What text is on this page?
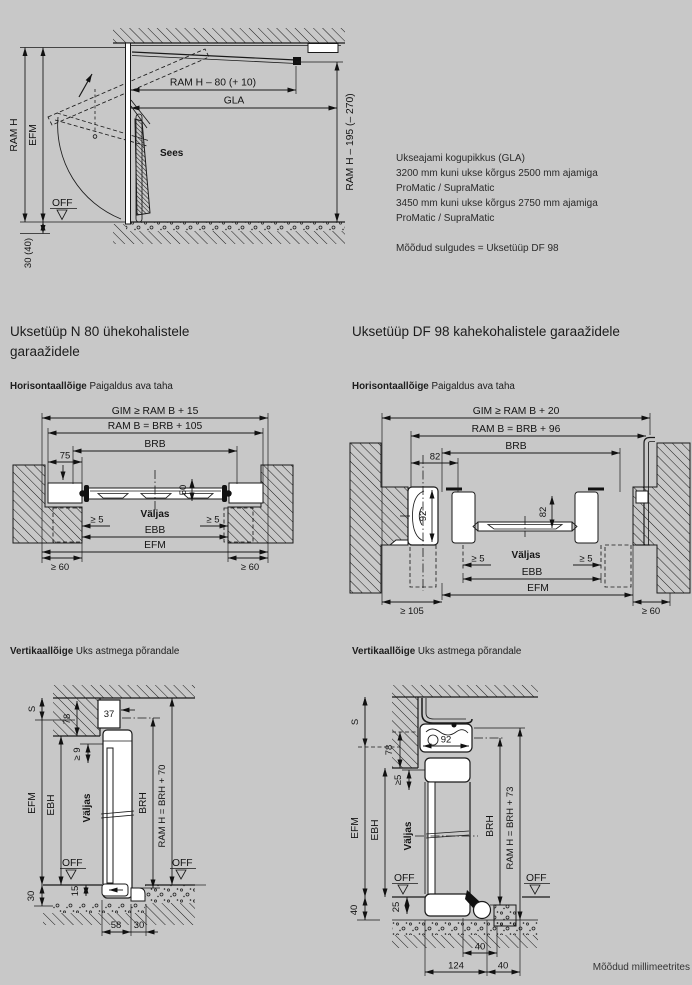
RAM H EFM
30 (40)
OFF
Sees
RAM H – 80 (+ 10)
GLA	RAM H – 195 (– 270)	Ukseajami kogupikkus (GLA)
3200 mm kuni ukse kõrgus 2500 mm ajamiga
ProMatic / SupraMatic
3450 mm kuni ukse kõrgus 2750 mm ajamiga
ProMatic / SupraMatic
Mõõdud sulgudes = Uksetüüp DF 98
Uksetüüp N 80 ühekohalistele garaažidele
Uksetüüp DF 98 kahekohalistele garaažidele
Horisontaallõige Paigaldus ava taha	Horisontaallõige Paigaldus ava taha
GIM ≥ RAM B + 15
RAM B = BRB + 105
BRB
75
50
Väljas
≥ 5	≥ 5
EBB
EFM
≥ 60	≥ 60
GIM ≥ RAM B + 20
RAM B = BRB + 96
BRB
82
92	82
Väljas
≥ 5	≥ 5
EBB
EFM
≥ 105	≥ 60
Vertikaallõige Uks astmega põrandale	Vertikaallõige Uks astmega põrandale
S
78	37
≥ 9
OFF	OFF
30	15
EFM EBH	Väljas	BRH RAM H = BRH + 70
58 30
S
78
92
≥5
OFF	OFF
40	25
EFM EBH Väljas	BRH RAM H = BRH + 73
40
124	40	Mõõdud millimeetrites
